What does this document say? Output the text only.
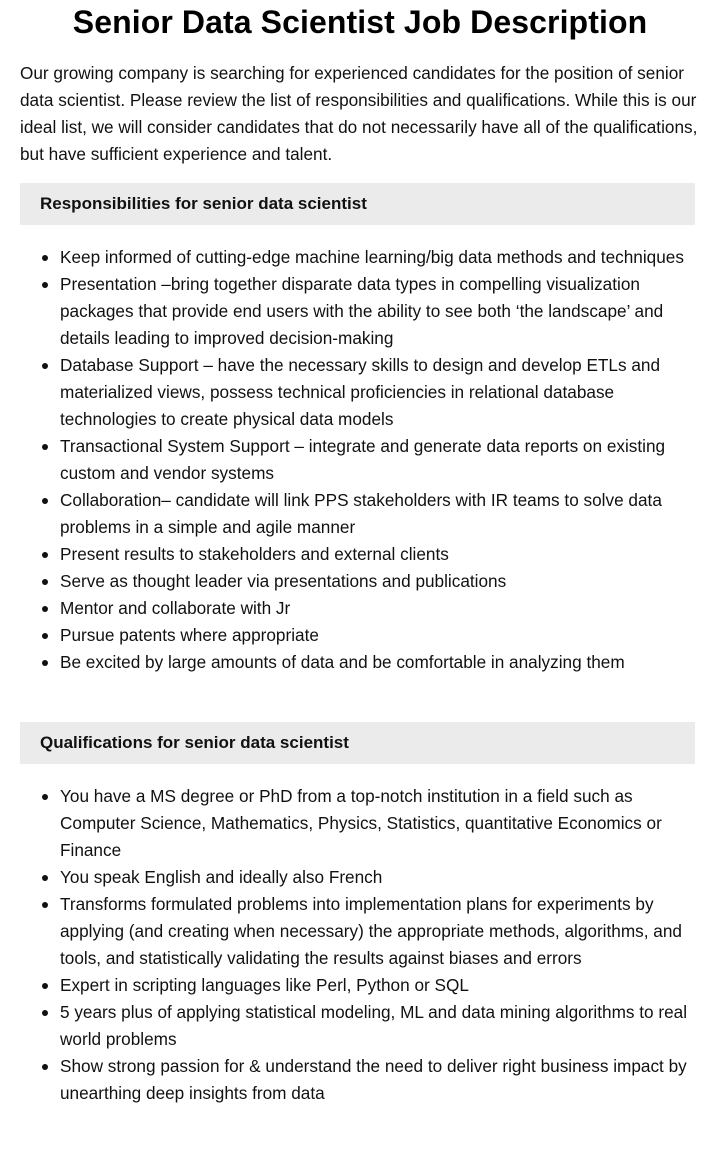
Senior Data Scientist Job Description

Our growing company is searching for experienced candidates for the position of senior data scientist. Please review the list of responsibilities and qualifications. While this is our ideal list, we will consider candidates that do not necessarily have all of the qualifications, but have sufficient experience and talent.

Responsibilities for senior data scientist
Keep informed of cutting-edge machine learning/big data methods and techniques
Presentation –bring together disparate data types in compelling visualization packages that provide end users with the ability to see both ‘the landscape’ and details leading to improved decision-making
Database Support – have the necessary skills to design and develop ETLs and materialized views, possess technical proficiencies in relational database technologies to create physical data models
Transactional System Support – integrate and generate data reports on existing custom and vendor systems
Collaboration– candidate will link PPS stakeholders with IR teams to solve data problems in a simple and agile manner
Present results to stakeholders and external clients
Serve as thought leader via presentations and publications
Mentor and collaborate with Jr
Pursue patents where appropriate
Be excited by large amounts of data and be comfortable in analyzing them
Qualifications for senior data scientist
You have a MS degree or PhD from a top-notch institution in a field such as Computer Science, Mathematics, Physics, Statistics, quantitative Economics or Finance
You speak English and ideally also French
Transforms formulated problems into implementation plans for experiments by applying (and creating when necessary) the appropriate methods, algorithms, and tools, and statistically validating the results against biases and errors
Expert in scripting languages like Perl, Python or SQL
5 years plus of applying statistical modeling, ML and data mining algorithms to real world problems
Show strong passion for & understand the need to deliver right business impact by unearthing deep insights from data
